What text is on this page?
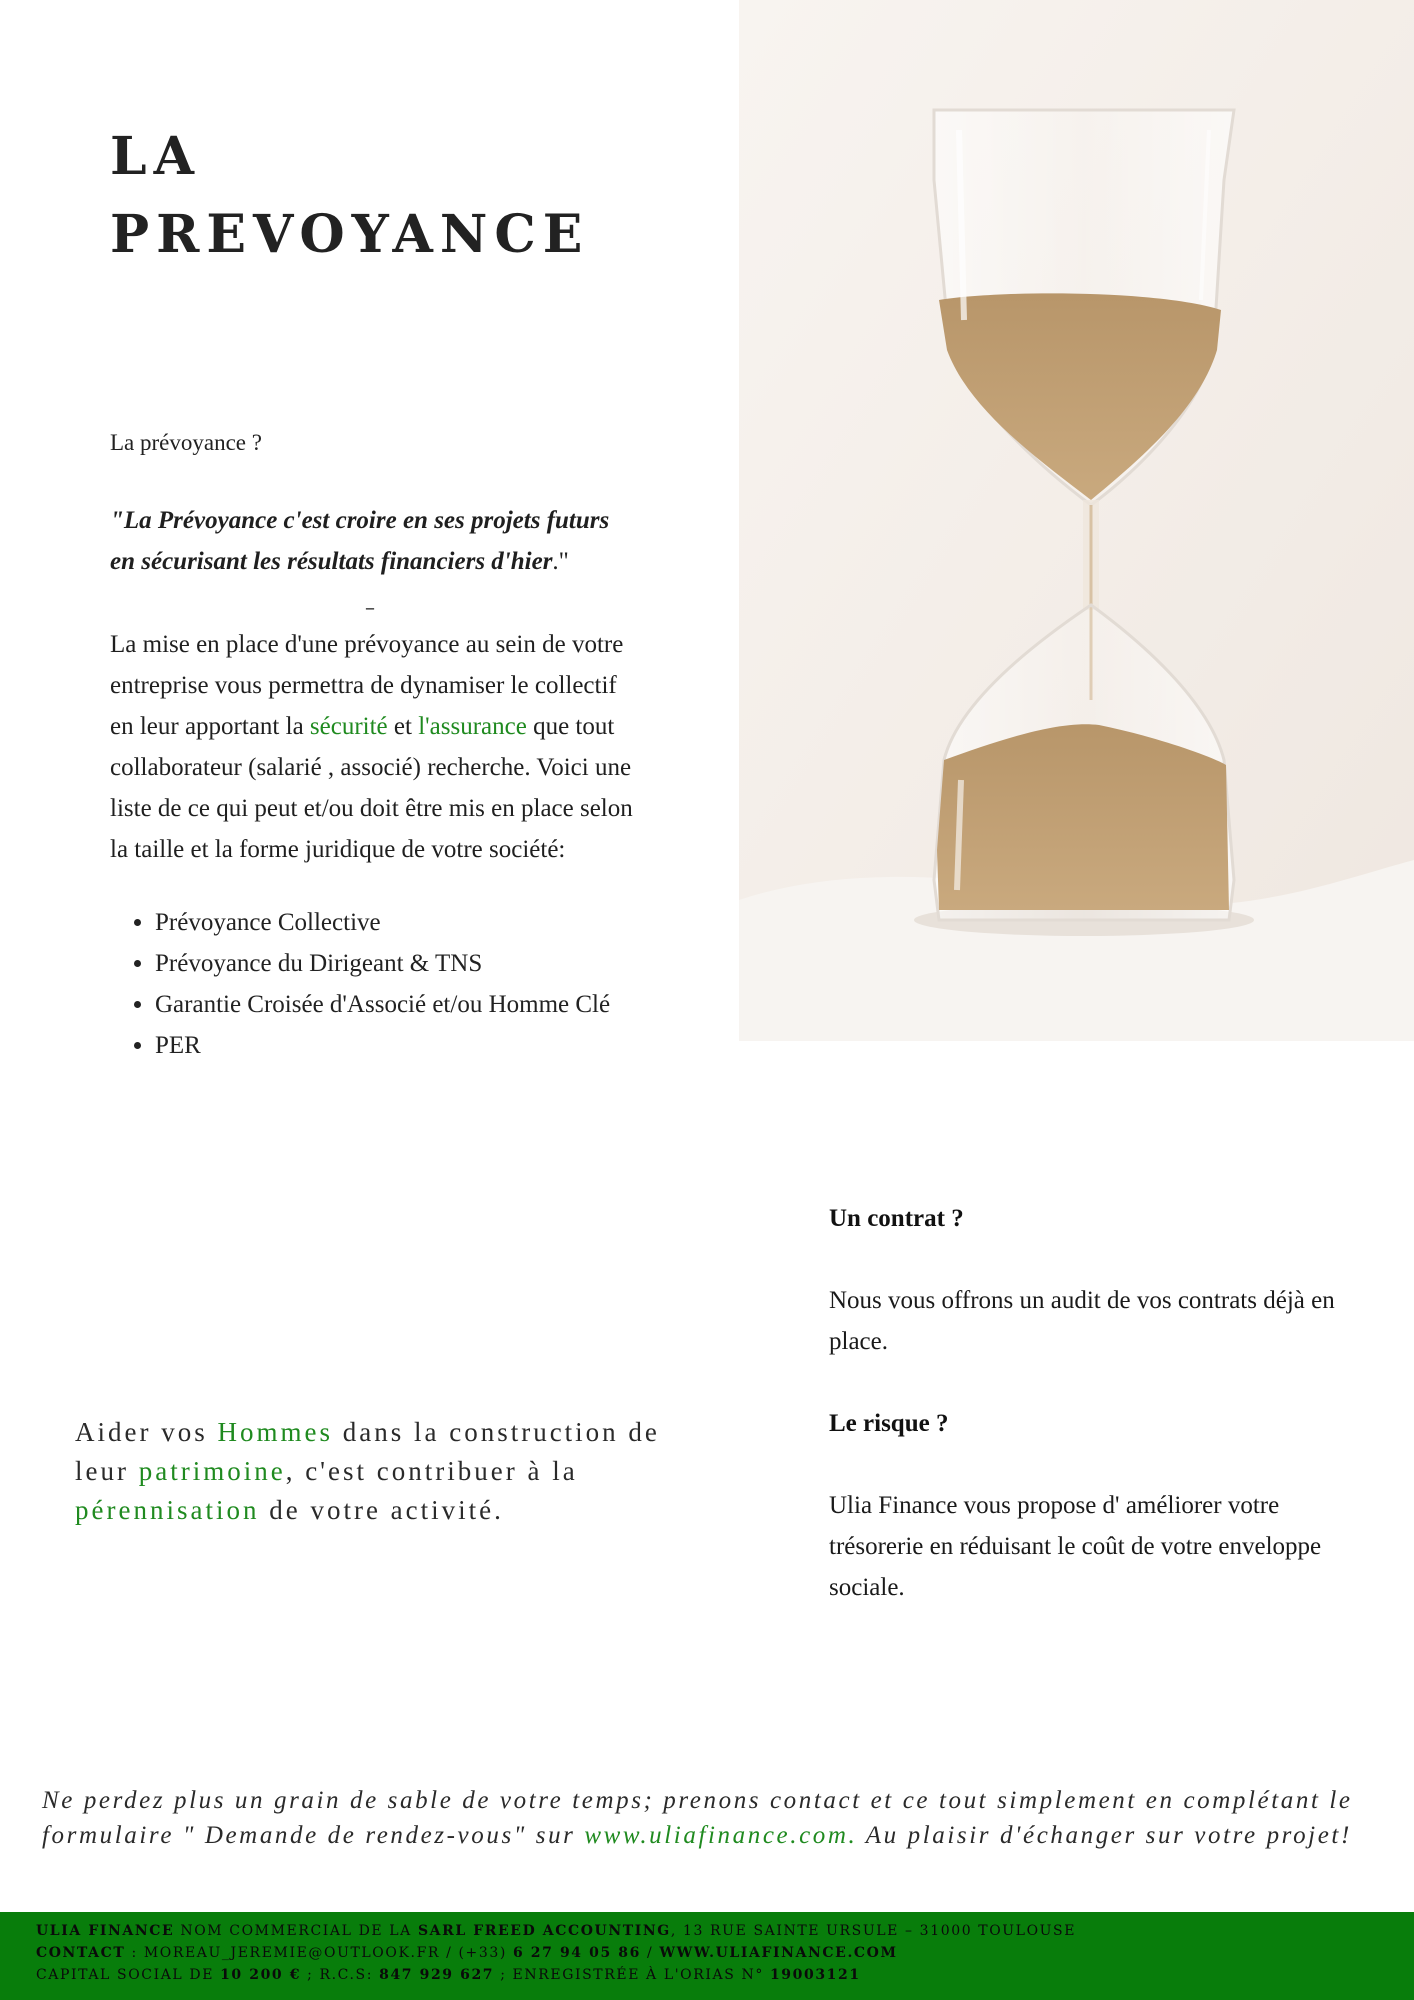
LA
PREVOYANCE

La prévoyance ?

"La Prévoyance c'est croire en ses projets futurs en sécurisant les résultats financiers d'hier."

–

La mise en place d'une prévoyance au sein de votre entreprise vous permettra de dynamiser le collectif en leur apportant la sécurité et l'assurance que tout collaborateur (salarié , associé) recherche. Voici une liste de ce qui peut et/ou doit être mis en place selon la taille et la forme juridique de votre société:

• Prévoyance Collective
• Prévoyance du Dirigeant & TNS
• Garantie Croisée d'Associé et/ou Homme Clé
• PER

Aider vos Hommes dans la construction de leur patrimoine, c'est contribuer à la pérennisation de votre activité.

Un contrat ?

Nous vous offrons un audit de vos contrats déjà en place.

Le risque ?

Ulia Finance vous propose d' améliorer votre trésorerie en réduisant le coût de votre enveloppe sociale.

Ne perdez plus un grain de sable de votre temps; prenons contact et ce tout simplement en complétant le formulaire " Demande de rendez-vous" sur www.uliafinance.com. Au plaisir d'échanger sur votre projet!

ULIA FINANCE NOM COMMERCIAL DE LA SARL FREED ACCOUNTING, 13 RUE SAINTE URSULE – 31000 TOULOUSE
CONTACT : MOREAU_JEREMIE@OUTLOOK.FR / (+33) 6 27 94 05 86 / WWW.ULIAFINANCE.COM
CAPITAL SOCIAL DE 10 200 € ; R.C.S: 847 929 627 ; ENREGISTRÉE À L'ORIAS N° 19003121
